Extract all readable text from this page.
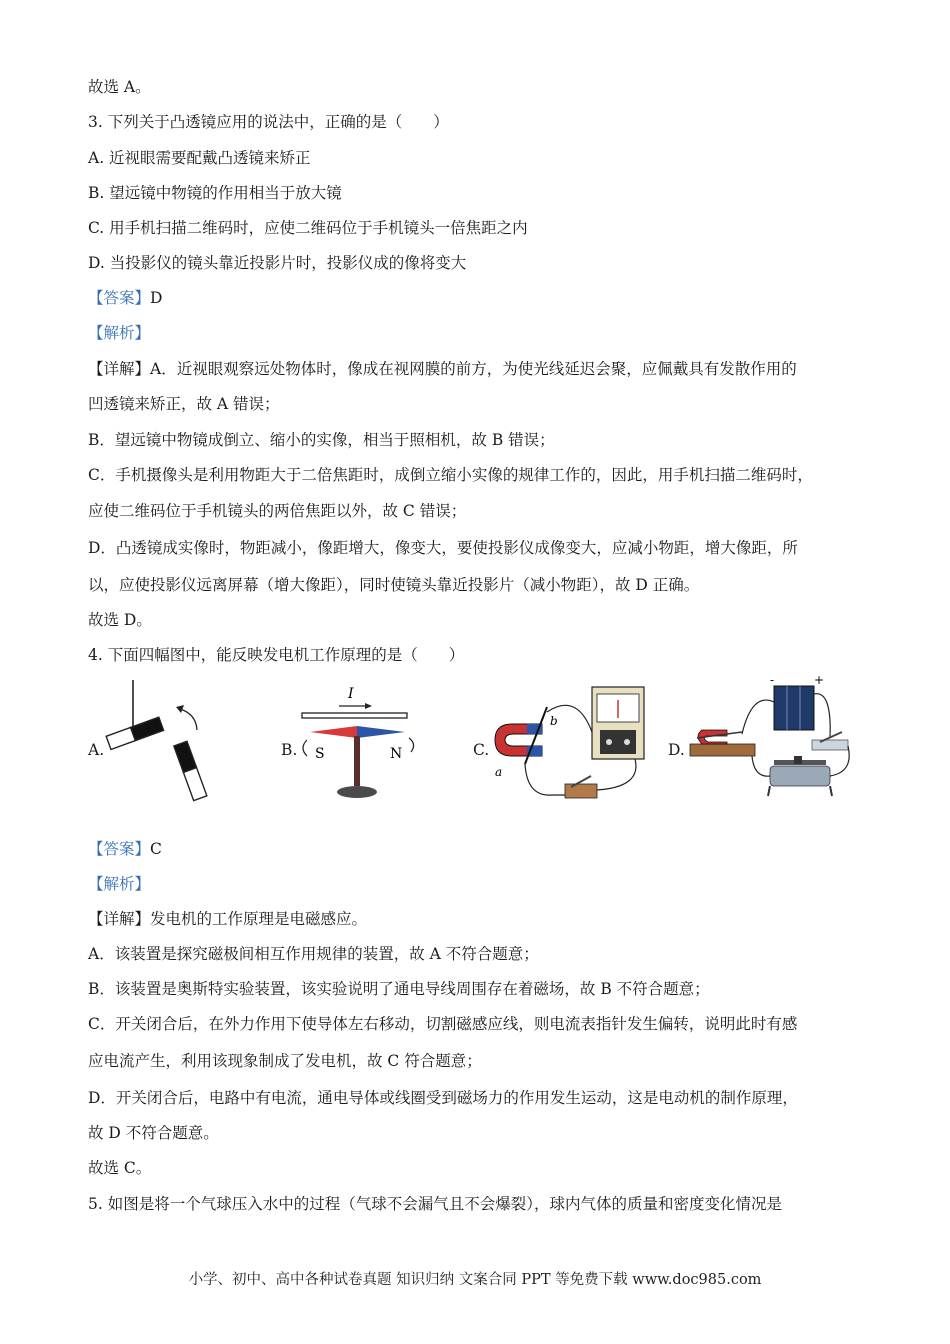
故选 A。
3. 下列关于凸透镜应用的说法中，正确的是（　　）
A. 近视眼需要配戴凸透镜来矫正
B. 望远镜中物镜的作用相当于放大镜
C. 用手机扫描二维码时，应使二维码位于手机镜头一倍焦距之内
D. 当投影仪的镜头靠近投影片时，投影仪成的像将变大
【答案】D
【解析】
【详解】A．近视眼观察远处物体时，像成在视网膜的前方，为使光线延迟会聚，应佩戴具有发散作用的
凹透镜来矫正，故 A 错误；
B．望远镜中物镜成倒立、缩小的实像，相当于照相机，故 B 错误；
C．手机摄像头是利用物距大于二倍焦距时，成倒立缩小实像的规律工作的，因此，用手机扫描二维码时，
应使二维码位于手机镜头的两倍焦距以外，故 C 错误；
D．凸透镜成实像时，物距减小，像距增大，像变大，要使投影仪成像变大，应减小物距，增大像距，所
以，应使投影仪远离屏幕（增大像距），同时使镜头靠近投影片（减小物距），故 D 正确。
故选 D。
4. 下面四幅图中，能反映发电机工作原理的是（　　）
A.	B.
I
S	N	C.
b
a
D.
-	+
【答案】C
【解析】
【详解】发电机的工作原理是电磁感应。
A．该装置是探究磁极间相互作用规律的装置，故 A 不符合题意；
B．该装置是奥斯特实验装置，该实验说明了通电导线周围存在着磁场，故 B 不符合题意；
C．开关闭合后，在外力作用下使导体左右移动，切割磁感应线，则电流表指针发生偏转，说明此时有感
应电流产生，利用该现象制成了发电机，故 C 符合题意；
D．开关闭合后，电路中有电流，通电导体或线圈受到磁场力的作用发生运动，这是电动机的制作原理，
故 D 不符合题意。
故选 C。
5. 如图是将一个气球压入水中的过程（气球不会漏气且不会爆裂），球内气体的质量和密度变化情况是
小学、初中、高中各种试卷真题 知识归纳 文案合同 PPT 等免费下载 www.doc985.com
